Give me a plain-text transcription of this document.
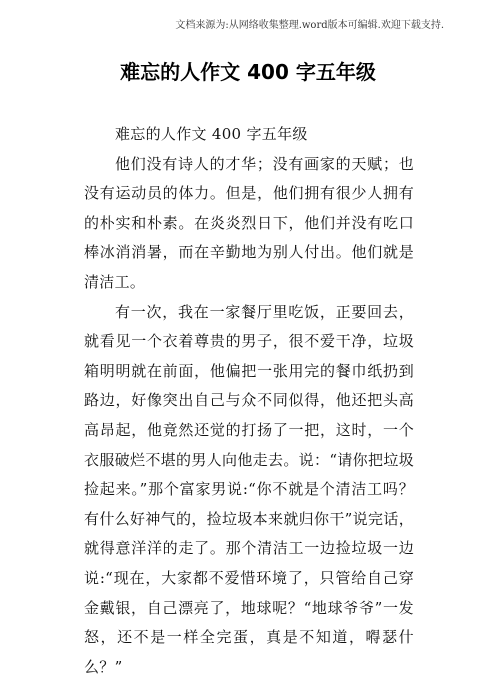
文档来源为:从网络收集整理.word版本可编辑.欢迎下载支持.
难忘的人作文 400 字五年级

难忘的人作文 400 字五年级

他们没有诗人的才华；没有画家的天赋；也没有运动员的体力。但是，他们拥有很少人拥有的朴实和朴素。在炎炎烈日下，他们并没有吃口棒冰消消暑，而在辛勤地为别人付出。他们就是清洁工。

有一次，我在一家餐厅里吃饭，正要回去，就看见一个衣着尊贵的男子，很不爱干净，垃圾箱明明就在前面，他偏把一张用完的餐巾纸扔到路边，好像突出自己与众不同似得，他还把头高高昂起，他竟然还觉的打扬了一把，这时，一个衣服破烂不堪的男人向他走去。说：“请你把垃圾捡起来。”那个富家男说:“你不就是个清洁工吗？有什么好神气的，捡垃圾本来就归你干”说完话，就得意洋洋的走了。那个清洁工一边捡垃圾一边说:“现在，大家都不爱惜环境了，只管给自己穿金戴银，自己漂亮了，地球呢？“地球爷爷”一发怒，还不是一样全完蛋，真是不知道，嘚瑟什么？”
